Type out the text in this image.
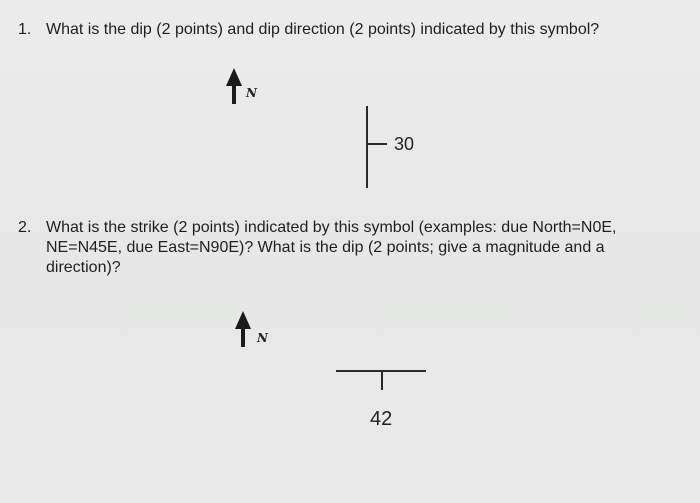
1. What is the dip (2 points) and dip direction (2 points) indicated by this symbol?
N
30
2. What is the strike (2 points) indicated by this symbol (examples: due North=N0E, NE=N45E, due East=N90E)? What is the dip (2 points; give a magnitude and a direction)?
N
42
